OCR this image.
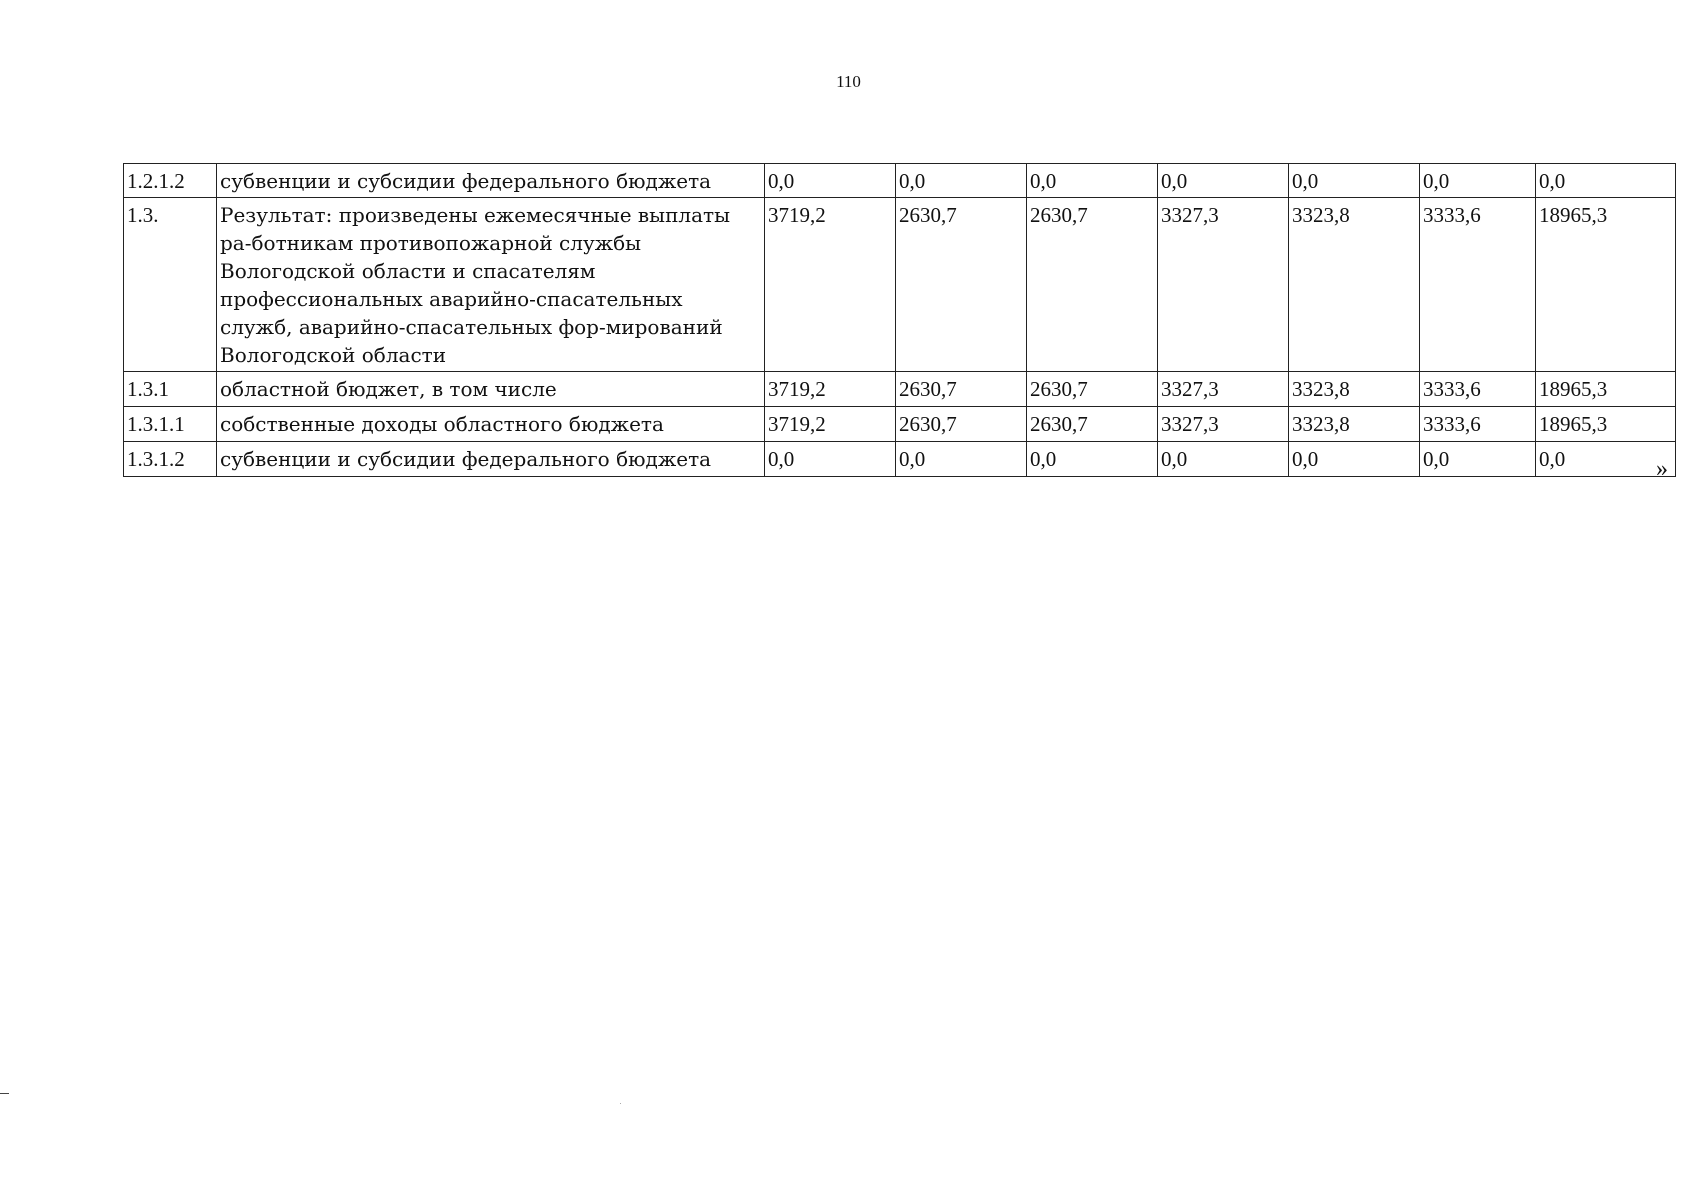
110
1.2.1.2	субвенции и субсидии федерального бюджета	0,0	0,0	0,0	0,0	0,0	0,0	0,0
1.3.	Результат: произведены ежемесячные выплаты ра-ботникам противопожарной службы Вологодской области и спасателям профессиональных аварийно-спасательных служб, аварийно-спасательных фор-мирований Вологодской области	3719,2	2630,7	2630,7	3327,3	3323,8	3333,6	18965,3
1.3.1	областной бюджет, в том числе	3719,2	2630,7	2630,7	3327,3	3323,8	3333,6	18965,3
1.3.1.1	собственные доходы областного бюджета	3719,2	2630,7	2630,7	3327,3	3323,8	3333,6	18965,3
1.3.1.2	субвенции и субсидии федерального бюджета	0,0	0,0	0,0	0,0	0,0	0,0	0,0	»
